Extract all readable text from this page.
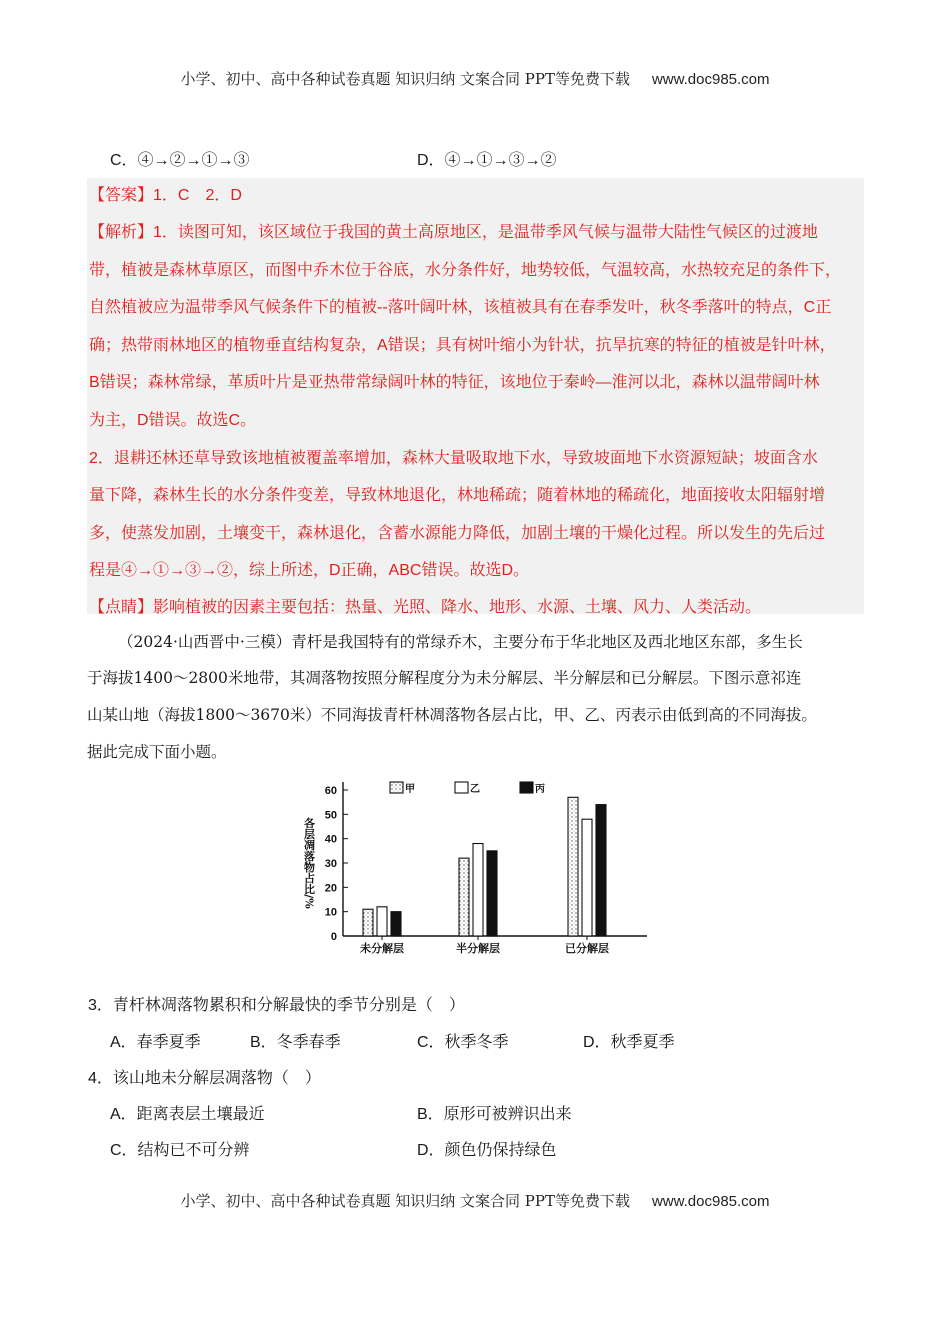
小学、初中、高中各种试卷真题 知识归纳 文案合同 PPT等免费下载 www.doc985.com
C．④→②→①→③	D．④→①→③→②
【答案】1．C　2．D
【解析】1．读图可知，该区域位于我国的黄土高原地区，是温带季风气候与温带大陆性气候区的过渡地
带，植被是森林草原区，而图中乔木位于谷底，水分条件好，地势较低，气温较高，水热较充足的条件下，
自然植被应为温带季风气候条件下的植被--落叶阔叶林，该植被具有在春季发叶，秋冬季落叶的特点，C正
确；热带雨林地区的植物垂直结构复杂，A错误；具有树叶缩小为针状，抗旱抗寒的特征的植被是针叶林，
B错误；森林常绿，革质叶片是亚热带常绿阔叶林的特征，该地位于秦岭—淮河以北，森林以温带阔叶林
为主，D错误。故选C。
2．退耕还林还草导致该地植被覆盖率增加，森林大量吸取地下水，导致坡面地下水资源短缺；坡面含水
量下降，森林生长的水分条件变差，导致林地退化，林地稀疏；随着林地的稀疏化，地面接收太阳辐射增
多，使蒸发加剧，土壤变干，森林退化，含蓄水源能力降低，加剧土壤的干燥化过程。所以发生的先后过
程是④→①→③→②，综上所述，D正确，ABC错误。故选D。
【点睛】影响植被的因素主要包括：热量、光照、降水、地形、水源、土壤、风力、人类活动。
（2024·山西晋中·三模）青杆是我国特有的常绿乔木，主要分布于华北地区及西北地区东部，多生长
于海拔1400～2800米地带，其凋落物按照分解程度分为未分解层、半分解层和已分解层。下图示意祁连
山某山地（海拔1800～3670米）不同海拔青杆林凋落物各层占比，甲、乙、丙表示由低到高的不同海拔。
据此完成下面小题。
0
10
20
30
40
50
60
各层凋落物占比/%
未分解层	半分解层	已分解层
甲	乙	丙
3．青杆林凋落物累积和分解最快的季节分别是（　）
A．春季夏季	B．冬季春季	C．秋季冬季	D．秋季夏季
4．该山地未分解层凋落物（　）
A．距离表层土壤最近	B．原形可被辨识出来
C．结构已不可分辨	D．颜色仍保持绿色
小学、初中、高中各种试卷真题 知识归纳 文案合同 PPT等免费下载 www.doc985.com
